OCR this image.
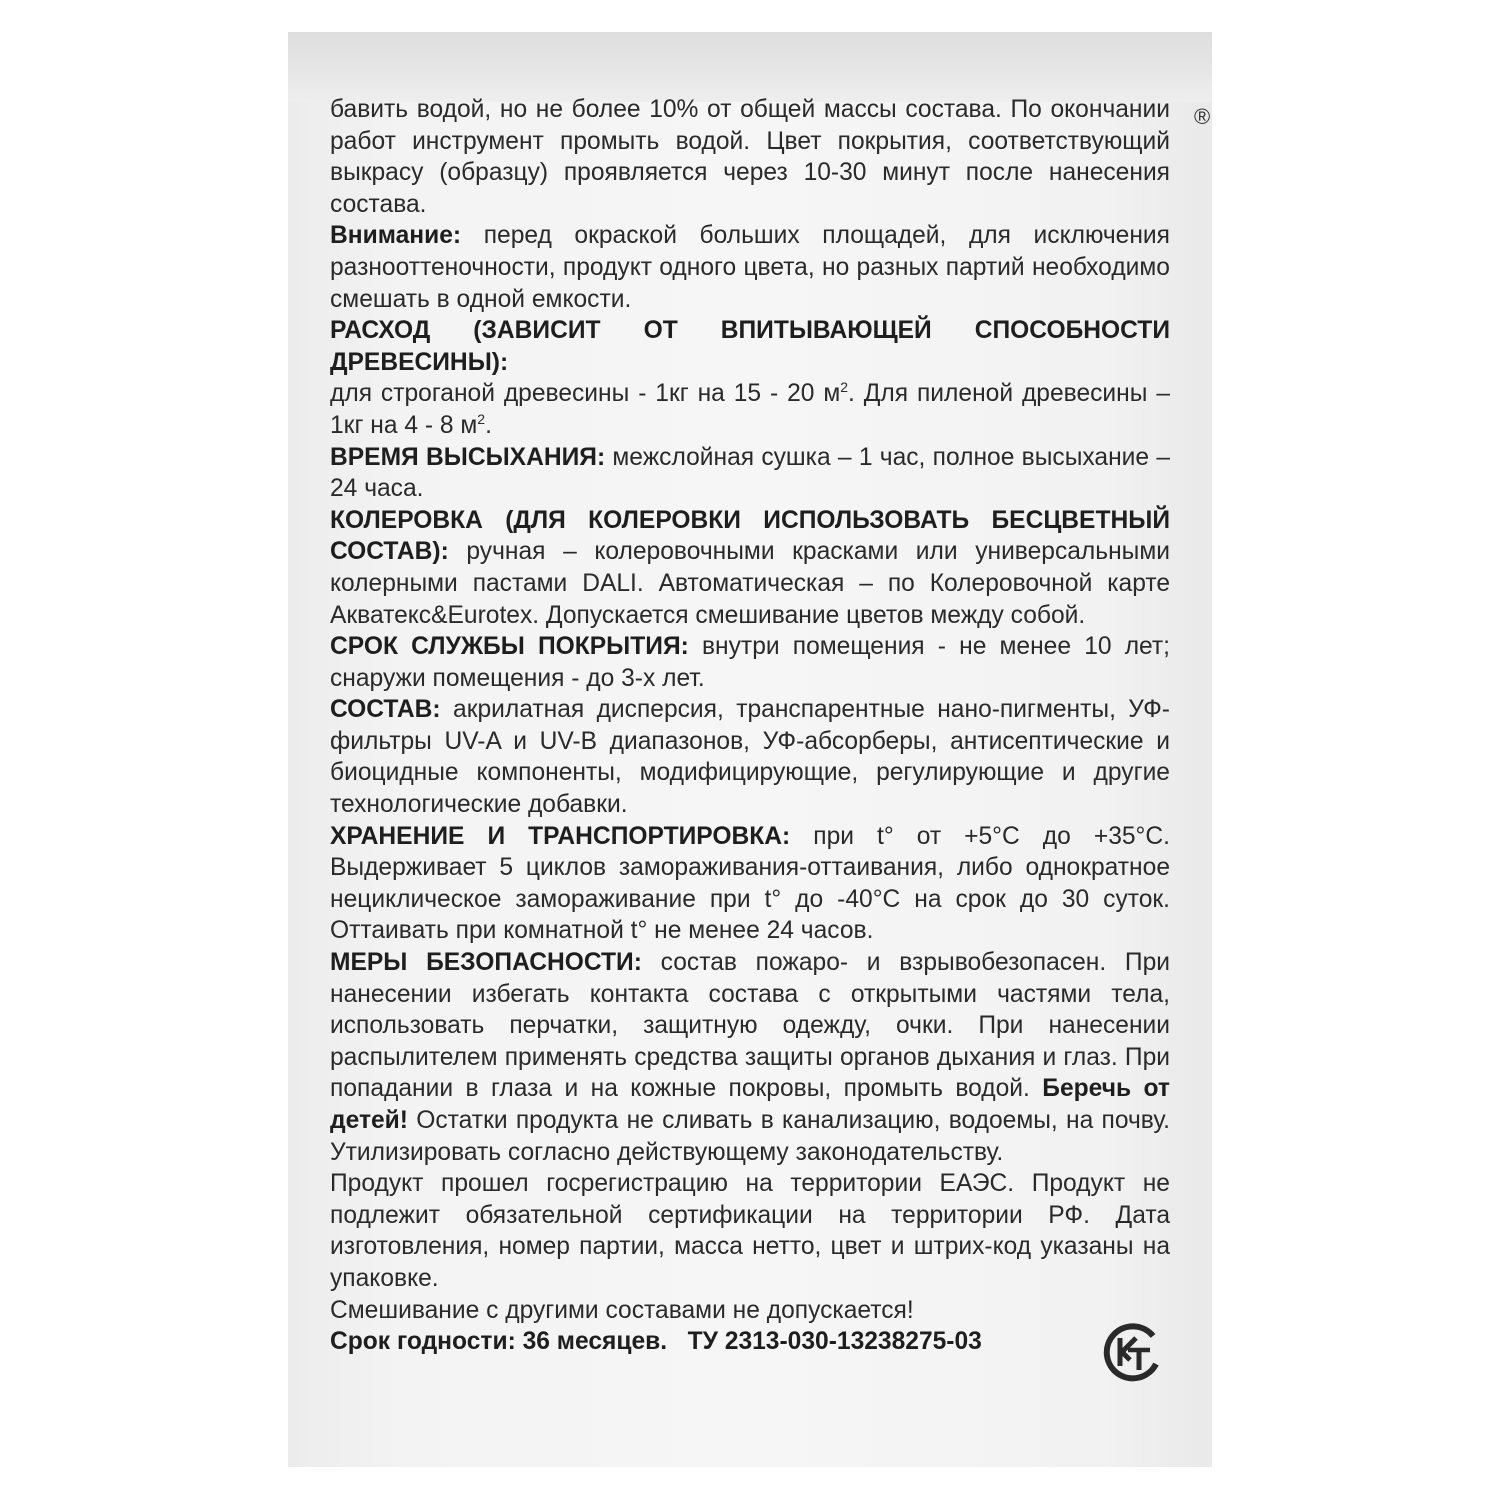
®

бавить водой, но не более 10% от общей массы состава. По окончании работ инструмент промыть водой. Цвет покрытия, соответствующий выкрасу (образцу) проявляется через 10-30 минут после нанесения состава.

Внимание: перед окраской больших площадей, для исключения разнооттеночности, продукт одного цвета, но разных партий необходимо смешать в одной емкости.

РАСХОД (ЗАВИСИТ ОТ ВПИТЫВАЮЩЕЙ СПОСОБНОСТИ ДРЕВЕСИНЫ):
для строганой древесины - 1кг на 15 - 20 $м^2$. Для пиленой древесины – 1кг на 4 - 8 $м^2$.

ВРЕМЯ ВЫСЫХАНИЯ: межслойная сушка – 1 час, полное высыхание – 24 часа.

КОЛЕРОВКА (ДЛЯ КОЛЕРОВКИ ИСПОЛЬЗОВАТЬ БЕСЦВЕТНЫЙ СОСТАВ): ручная – колеровочными красками или универсальными колерными пастами DALI. Автоматическая – по Колеровочной карте Акватекс&Eurotex. Допускается смешивание цветов между собой.

СРОК СЛУЖБЫ ПОКРЫТИЯ: внутри помещения - не менее 10 лет; снаружи помещения - до 3-х лет.

СОСТАВ: акрилатная дисперсия, транспарентные нано-пигменты, УФ-фильтры UV-A и UV-B диапазонов, УФ-абсорберы, антисептические и биоцидные компоненты, модифицирующие, регулирующие и другие технологические добавки.

ХРАНЕНИЕ И ТРАНСПОРТИРОВКА: при t° от +5°С до +35°С. Выдерживает 5 циклов замораживания-оттаивания, либо однократное нециклическое замораживание при t° до -40°С на срок до 30 суток. Оттаивать при комнатной t° не менее 24 часов.

МЕРЫ БЕЗОПАСНОСТИ: состав пожаро- и взрывобезопасен. При нанесении избегать контакта состава с открытыми частями тела, использовать перчатки, защитную одежду, очки. При нанесении распылителем применять средства защиты органов дыхания и глаз. При попадании в глаза и на кожные покровы, промыть водой. Беречь от детей! Остатки продукта не сливать в канализацию, водоемы, на почву. Утилизировать согласно действующему законодательству.

Продукт прошел госрегистрацию на территории ЕАЭС. Продукт не подлежит обязательной сертификации на территории РФ. Дата изготовления, номер партии, масса нетто, цвет и штрих-код указаны на упаковке.

Смешивание с другими составами не допускается!

Срок годности: 36 месяцев.   ТУ 2313-030-13238275-03
